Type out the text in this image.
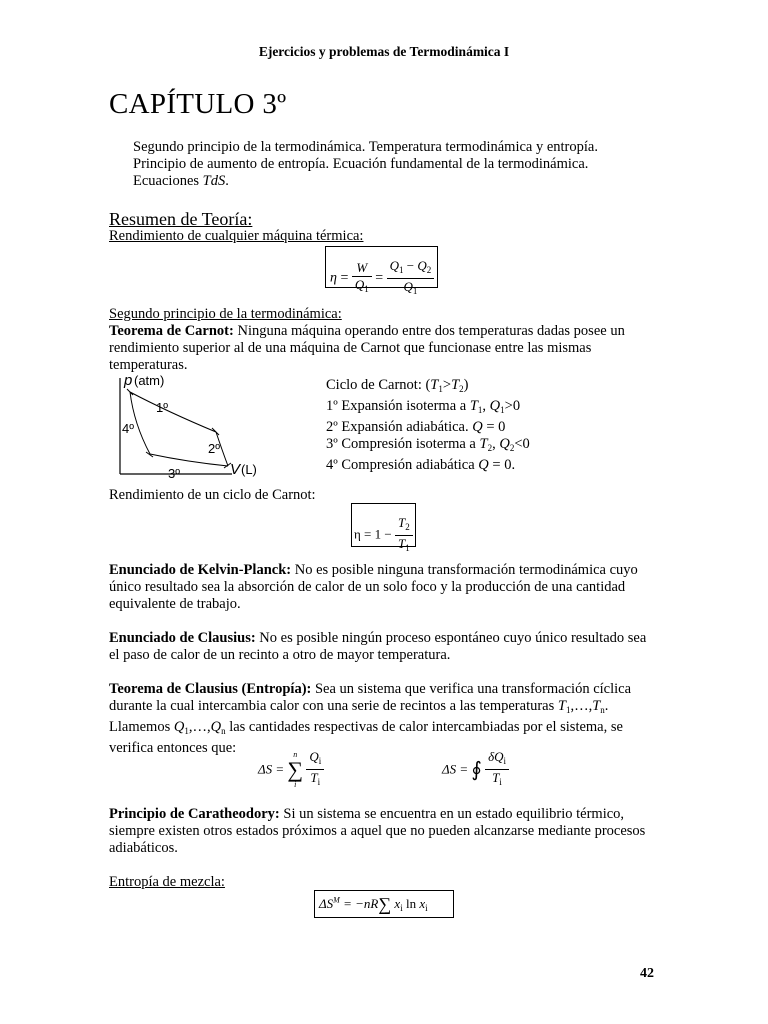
Ejercicios y problemas de Termodinámica I
CAPÍTULO 3º
Segundo principio de la termodinámica. Temperatura termodinámica y entropía.
Principio de aumento de entropía. Ecuación fundamental de la termodinámica.
Ecuaciones TdS.
Resumen de Teoría:
Rendimiento de cualquier máquina térmica:
$\eta = \frac{W}{Q_1} = \frac{Q_1 - Q_2}{Q_1}$
Segundo principio de la termodinámica:
Teorema de Carnot: Ninguna máquina operando entre dos temperaturas dadas posee un rendimiento superior al de una máquina de Carnot que funcionase entre las mismas temperaturas.
p (atm)
1º
2º
3º
4º
V (L)
Ciclo de Carnot: $(T_1>T_2)$
1º Expansión isoterma a $T_1$, $Q_1>0$
2º Expansión adiabática. Q = 0
3º Compresión isoterma a $T_2$, $Q_2<0$
4º Compresión adiabática Q = 0.
Rendimiento de un ciclo de Carnot:
$\eta = 1 - \frac{T_2}{T_1}$
Enunciado de Kelvin-Planck: No es posible ninguna transformación termodinámica cuyo único resultado sea la absorción de calor de un solo foco y la producción de una cantidad equivalente de trabajo.
Enunciado de Clausius: No es posible ningún proceso espontáneo cuyo único resultado sea el paso de calor de un recinto a otro de mayor temperatura.
Teorema de Clausius (Entropía): Sea un sistema que verifica una transformación cíclica durante la cual intercambia calor con una serie de recintos a las temperaturas $T_1,\dots,T_n$. Llamemos $Q_1,\dots,Q_n$ las cantidades respectivas de calor intercambiadas por el sistema, se verifica entonces que:
ΔS =
n
∑
i
$\frac{Q_i}{T_i}$	ΔS = ∮ $\frac{\delta Q_i}{T_i}$
Principio de Caratheodory: Si un sistema se encuentra en un estado equilibrio térmico, siempre existen otros estados próximos a aquel que no pueden alcanzarse mediante procesos adiabáticos.
Entropía de mezcla:
$\Delta S^M = -nR\sum$ $x_i$ $\ln x_i$
42
